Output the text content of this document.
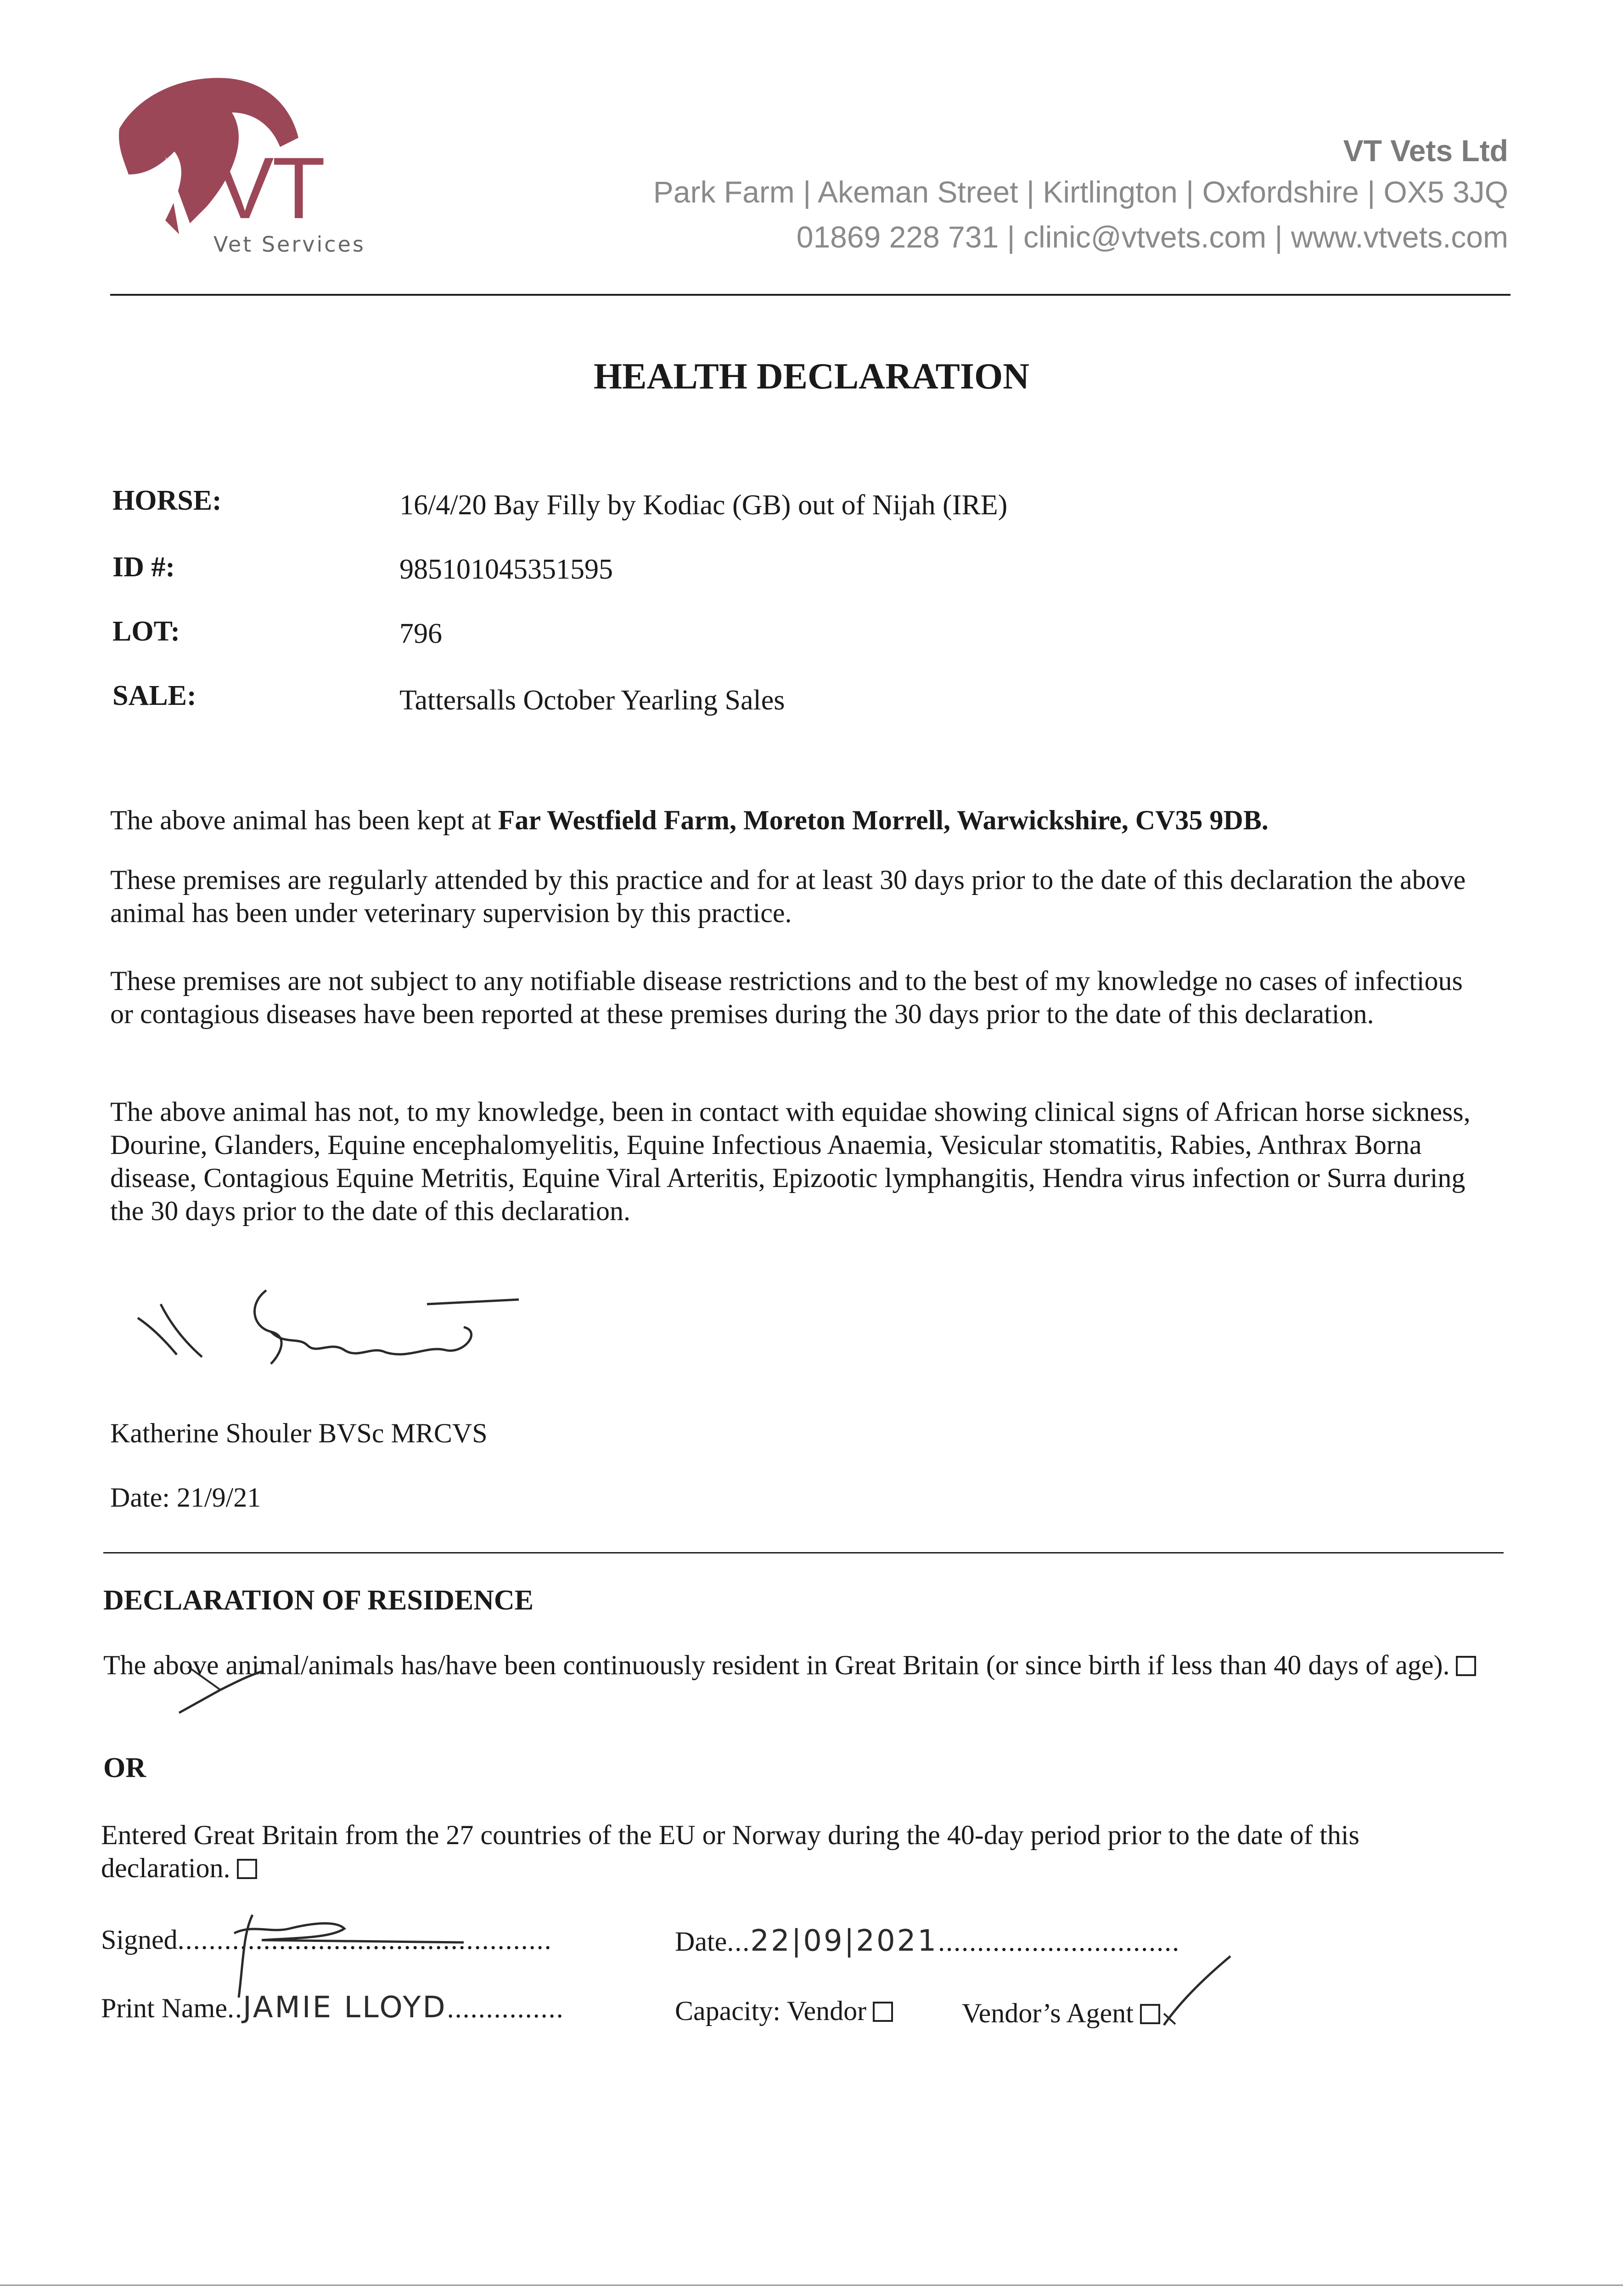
VT
Vet Services
VT Vets Ltd
Park Farm | Akeman Street | Kirtlington | Oxfordshire | OX5 3JQ
01869 228 731 | clinic@vtvets.com | www.vtvets.com
HEALTH DECLARATION
HORSE:	16/4/20 Bay Filly by Kodiac (GB) out of Nijah (IRE)
ID #:	985101045351595
LOT:	796
SALE:	Tattersalls October Yearling Sales
The above animal has been kept at Far Westfield Farm, Moreton Morrell, Warwickshire, CV35 9DB.
These premises are regularly attended by this practice and for at least 30 days prior to the date of this declaration the above animal has been under veterinary supervision by this practice.
These premises are not subject to any notifiable disease restrictions and to the best of my knowledge no cases of infectious or contagious diseases have been reported at these premises during the 30 days prior to the date of this declaration.
The above animal has not, to my knowledge, been in contact with equidae showing clinical signs of African horse sickness, Dourine, Glanders, Equine encephalomyelitis, Equine Infectious Anaemia, Vesicular stomatitis, Rabies, Anthrax Borna disease, Contagious Equine Metritis, Equine Viral Arteritis, Epizootic lymphangitis, Hendra virus infection or Surra during the 30 days prior to the date of this declaration.
Katherine Shouler BVSc MRCVS
Date: 21/9/21
DECLARATION OF RESIDENCE
The above animal/animals has/have been continuously resident in Great Britain (or since birth if less than 40 days of age).
OR
Entered Great Britain from the 27 countries of the EU or Norway during the 40-day period prior to the date of this declaration.
Signed................................................	Date...22|09|2021...............................
Print Name..JAMIE LLOYD...............	Capacity: Vendor	Vendor’s Agent
